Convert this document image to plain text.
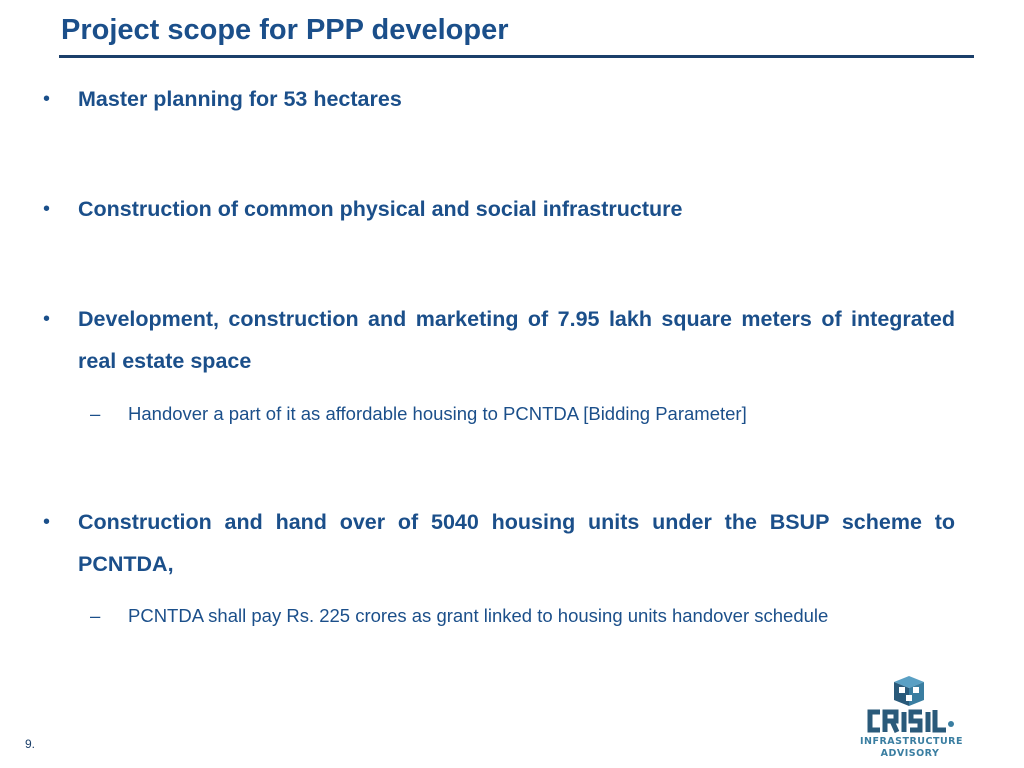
Project scope for PPP developer
• Master planning for 53 hectares
• Construction of common physical and social infrastructure
• Development, construction and marketing of 7.95 lakh square meters of integrated real estate space
– Handover a part of it as affordable housing to PCNTDA [Bidding Parameter]
• Construction and hand over of 5040 housing units under the BSUP scheme to PCNTDA,
– PCNTDA shall pay Rs. 225 crores as grant linked to housing units handover schedule
9.	INFRASTRUCTURE
ADVISORY
